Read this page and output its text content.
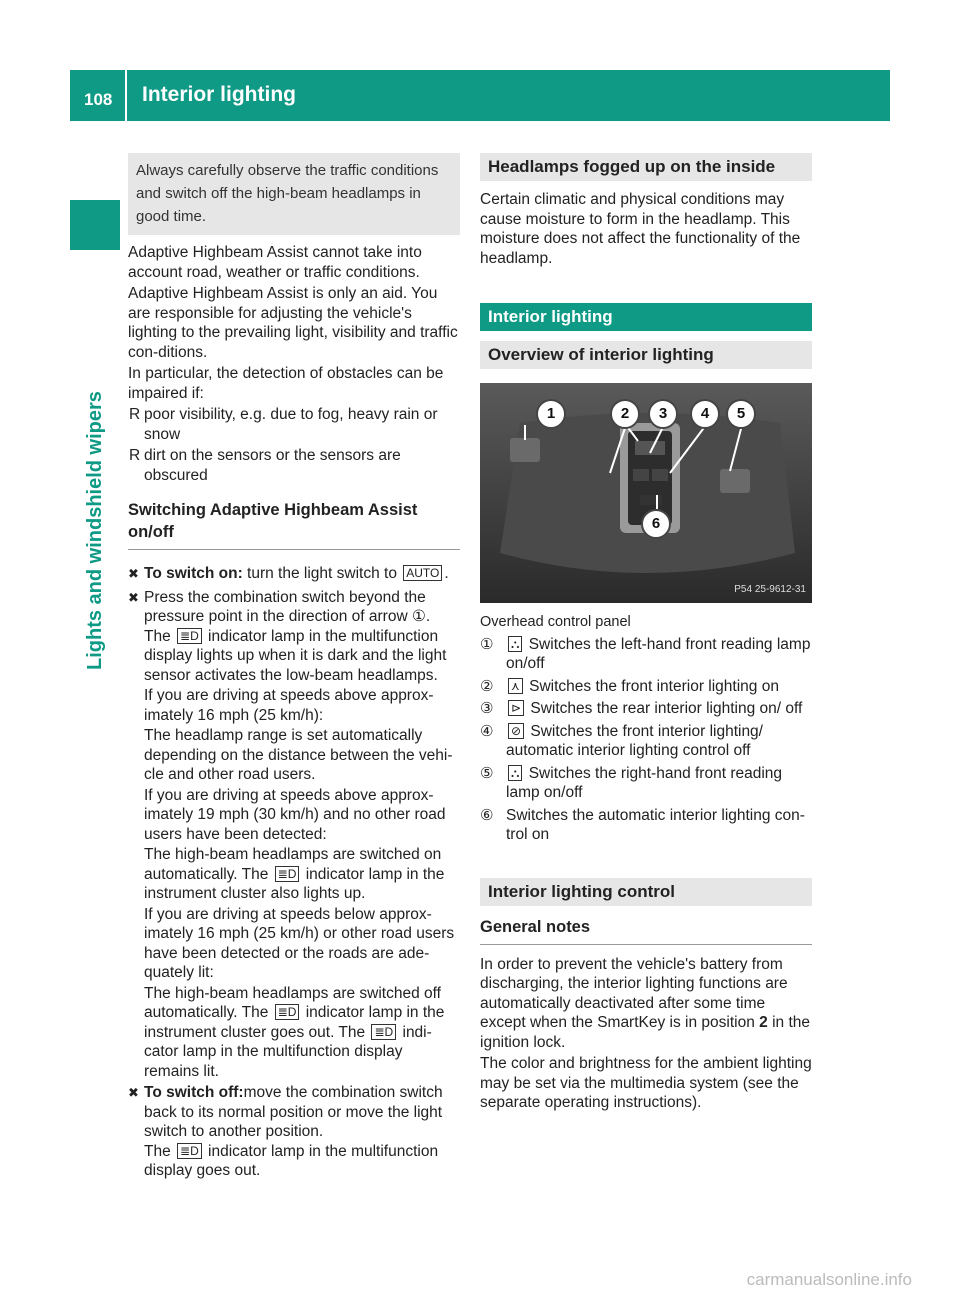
108 Interior lighting
Lights and windshield wipers
Always carefully observe the traffic conditions and switch off the high-beam headlamps in good time.

Adaptive Highbeam Assist cannot take into account road, weather or traffic conditions.

Adaptive Highbeam Assist is only an aid. You are responsible for adjusting the vehicle's lighting to the prevailing light, visibility and traffic con-ditions.

In particular, the detection of obstacles can be impaired if:

R poor visibility, e.g. due to fog, heavy rain or snow
R dirt on the sensors or the sensors are obscured
Switching Adaptive Highbeam Assist on/off
✖ To switch on: turn the light switch to AUTO .

✖ Press the combination switch beyond the pressure point in the direction of arrow ①.
The ≣D indicator lamp in the multifunction display lights up when it is dark and the light sensor activates the low-beam headlamps.

If you are driving at speeds above approx-imately 16 mph (25 km/h):

The headlamp range is set automatically depending on the distance between the vehi-cle and other road users.

If you are driving at speeds above approx-imately 19 mph (30 km/h) and no other road users have been detected:

The high-beam headlamps are switched on automatically. The ≣D indicator lamp in the instrument cluster also lights up.

If you are driving at speeds below approx-imately 16 mph (25 km/h) or other road users have been detected or the roads are ade-quately lit:

The high-beam headlamps are switched off automatically. The ≣D indicator lamp in the instrument cluster goes out. The ≣D indi-cator lamp in the multifunction display remains lit.

✖ To switch off:move the combination switch back to its normal position or move the light switch to another position.
The ≣D indicator lamp in the multifunction display goes out.

Headlamps fogged up on the inside

Certain climatic and physical conditions may cause moisture to form in the headlamp. This moisture does not affect the functionality of the headlamp.

Interior lighting
Overview of interior lighting
1	2	3	4	5
6
P54 25-9612-31

Overhead control panel

①	⛬ Switches the left-hand front reading lamp on/off
②	⋏ Switches the front interior lighting on
③	⊳ Switches the rear interior lighting on/ off
④	⊘ Switches the front interior lighting/ automatic interior lighting control off
⑤	⛬ Switches the right-hand front reading lamp on/off
⑥ Switches the automatic interior lighting con-trol on
Interior lighting control
General notes

In order to prevent the vehicle's battery from discharging, the interior lighting functions are automatically deactivated after some time except when the SmartKey is in position 2 in the ignition lock.

The color and brightness for the ambient lighting may be set via the multimedia system (see the separate operating instructions).

carmanualsonline.info
